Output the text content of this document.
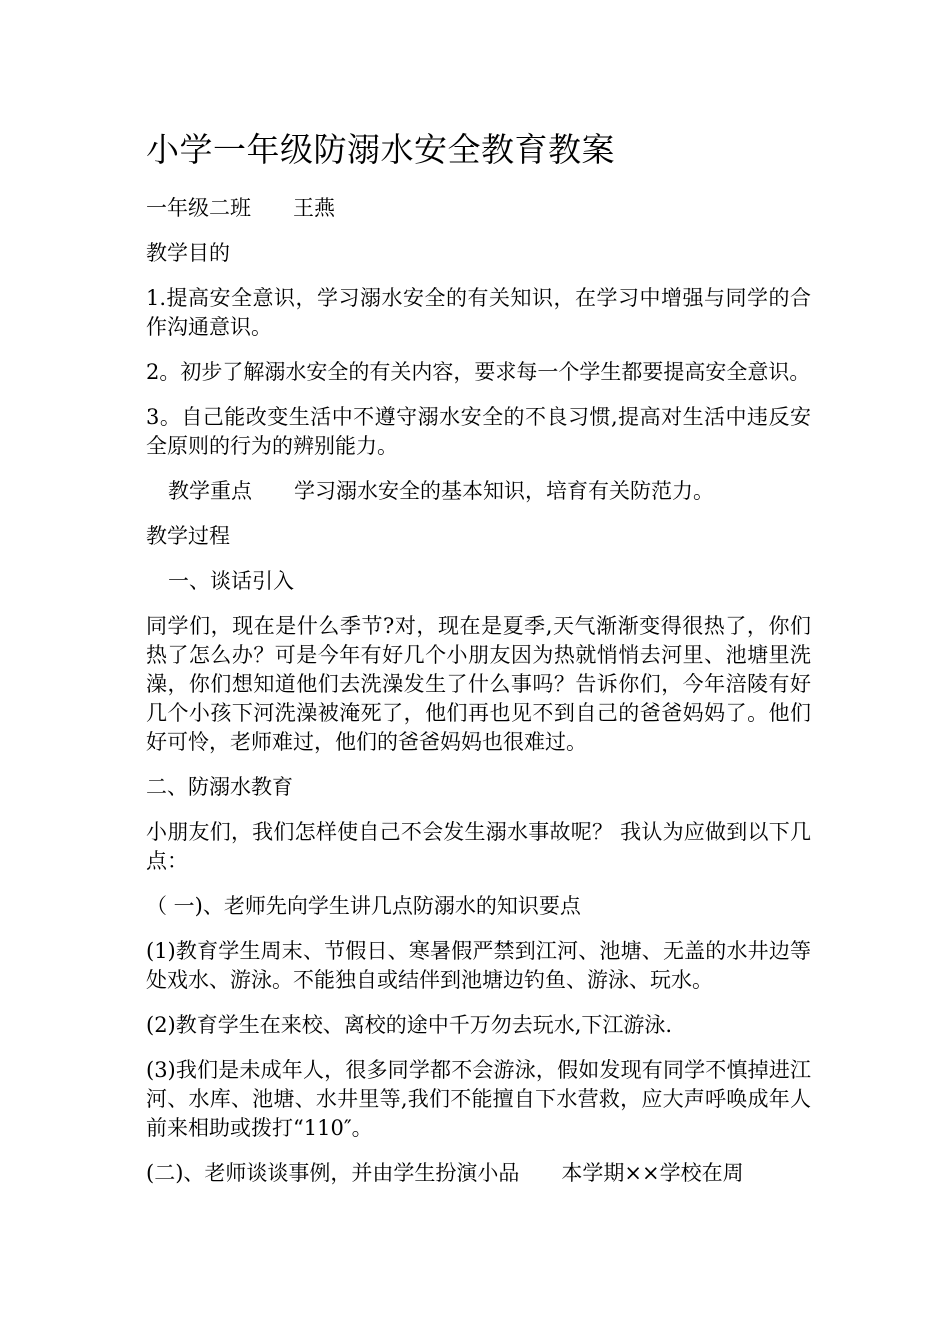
小学一年级防溺水安全教育教案

一年级二班 王燕

教学目的

1.提高安全意识，学习溺水安全的有关知识，在学习中增强与同学的合作沟通意识。

2。初步了解溺水安全的有关内容，要求每一个学生都要提高安全意识。

3。自己能改变生活中不遵守溺水安全的不良习惯,提高对生活中违反安全原则的行为的辨别能力。

教学重点 学习溺水安全的基本知识，培育有关防范力。

教学过程

一、谈话引入

同学们，现在是什么季节?对，现在是夏季,天气渐渐变得很热了，你们热了怎么办？可是今年有好几个小朋友因为热就悄悄去河里、池塘里洗澡，你们想知道他们去洗澡发生了什么事吗？告诉你们，今年涪陵有好几个小孩下河洗澡被淹死了，他们再也见不到自己的爸爸妈妈了。他们好可怜，老师难过，他们的爸爸妈妈也很难过。

二、防溺水教育

小朋友们，我们怎样使自己不会发生溺水事故呢？ 我认为应做到以下几点：

（ 一)、老师先向学生讲几点防溺水的知识要点

(1)教育学生周末、节假日、寒暑假严禁到江河、池塘、无盖的水井边等处戏水、游泳。不能独自或结伴到池塘边钓鱼、游泳、玩水。

(2)教育学生在来校、离校的途中千万勿去玩水,下江游泳.

(3)我们是未成年人，很多同学都不会游泳，假如发现有同学不慎掉进江河、水库、池塘、水井里等,我们不能擅自下水营救，应大声呼唤成年人前来相助或拨打“110″。

(二)、老师谈谈事例，并由学生扮演小品 本学期××学校在周
